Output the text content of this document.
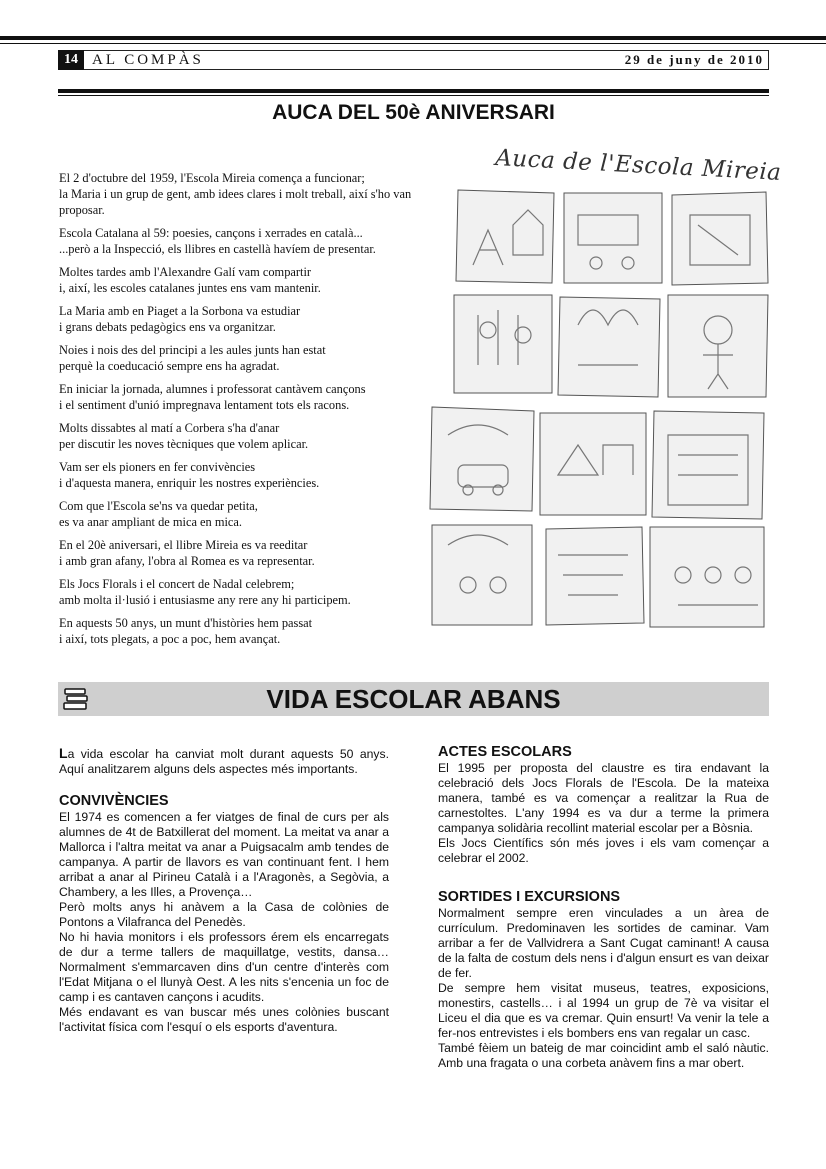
14 AL COMPÀS	29 de juny de 2010
AUCA DEL 50è ANIVERSARI
El 2 d'octubre del 1959, l'Escola Mireia comença a funcionar;
la Maria i un grup de gent, amb idees clares i molt treball, així s'ho van
proposar.
Escola Catalana al 59: poesies, cançons i xerrades en català...
...però a la Inspecció, els llibres en castellà havíem de presentar.
Moltes tardes amb l'Alexandre Galí vam compartir
i, així, les escoles catalanes juntes ens vam mantenir.
La Maria amb en Piaget a la Sorbona va estudiar
i grans debats pedagògics ens va organitzar.
Noies i nois des del principi a les aules junts han estat
perquè la coeducació sempre ens ha agradat.
En iniciar la jornada, alumnes i professorat cantàvem cançons
i el sentiment d'unió impregnava lentament tots els racons.
Molts dissabtes al matí a Corbera s'ha d'anar
per discutir les noves tècniques que volem aplicar.
Vam ser els pioners en fer convivències
i d'aquesta manera, enriquir les nostres experiències.
Com que l'Escola se'ns va quedar petita,
es va anar ampliant de mica en mica.
En el 20è aniversari, el llibre Mireia es va reeditar
i amb gran afany, l'obra al Romea es va representar.
Els Jocs Florals i el concert de Nadal celebrem;
amb molta il·lusió i entusiasme any rere any hi participem.
En aquests 50 anys, un munt d'històries hem passat
i així, tots plegats, a poc a poc, hem avançat.
Auca de l'Escola Mireia
VIDA ESCOLAR ABANS

La vida escolar ha canviat molt durant aquests 50 anys. Aquí analitzarem alguns dels aspectes més importants.

CONVIVÈNCIES

El 1974 es comencen a fer viatges de final de curs per als alumnes de 4t de Batxillerat del moment. La meitat va anar a Mallorca i l'altra meitat va anar a Puigsacalm amb tendes de campanya. A partir de llavors es van continuant fent. I hem arribat a anar al Pirineu Català i a l'Aragonès, a Segòvia, a Chambery, a les Illes, a Provença…

Però molts anys hi anàvem a la Casa de colònies de Pontons a Vilafranca del Penedès.

No hi havia monitors i els professors érem els encarregats de dur a terme tallers de maquillatge, vestits, dansa… Normalment s'emmarcaven dins d'un centre d'interès com l'Edat Mitjana o el llunyà Oest. A les nits s'encenia un foc de camp i es cantaven cançons i acudits.

Més endavant es van buscar més unes colònies buscant l'activitat física com l'esquí o els esports d'aventura.

ACTES ESCOLARS

El 1995 per proposta del claustre es tira endavant la celebració dels Jocs Florals de l'Escola. De la mateixa manera, també es va començar a realitzar la Rua de carnestoltes. L'any 1994 es va dur a terme la primera campanya solidària recollint material escolar per a Bòsnia.

Els Jocs Científics són més joves i els vam començar a celebrar el 2002.

SORTIDES I EXCURSIONS

Normalment sempre eren vinculades a un àrea de currículum. Predominaven les sortides de caminar. Vam arribar a fer de Vallvidrera a Sant Cugat caminant! A causa de la falta de costum dels nens i d'algun ensurt es van deixar de fer.

De sempre hem visitat museus, teatres, exposicions, monestirs, castells… i al 1994 un grup de 7è va visitar el Liceu el dia que es va cremar. Quin ensurt! Va venir la tele a fer-nos entrevistes i els bombers ens van regalar un casc.

També fèiem un bateig de mar coincidint amb el saló nàutic. Amb una fragata o una corbeta anàvem fins a mar obert.
